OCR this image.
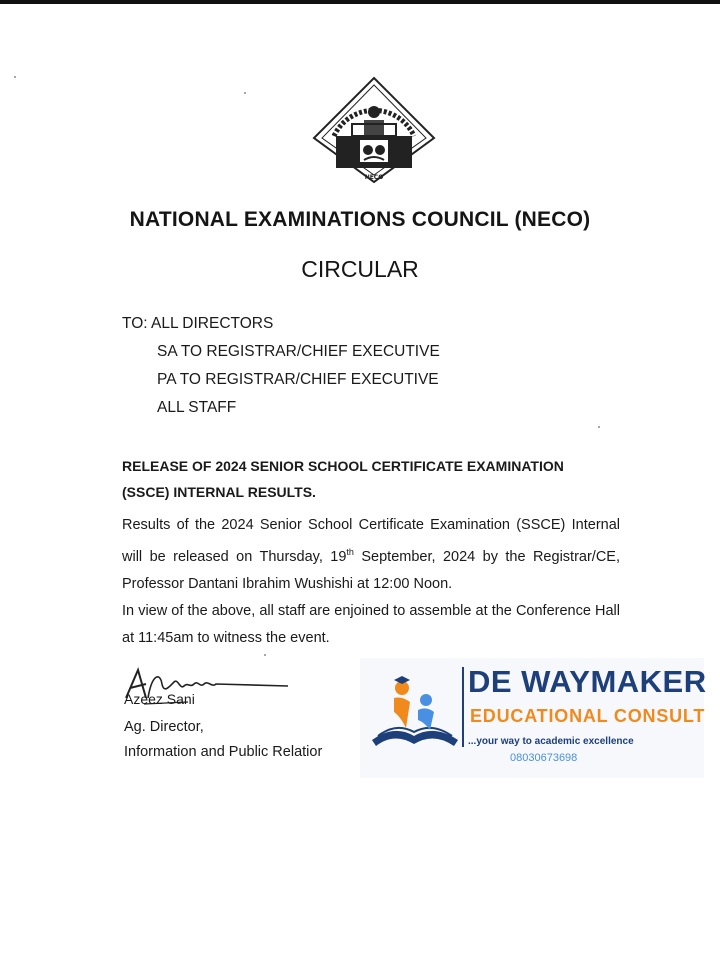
NECO
NATIONAL EXAMINATIONS COUNCIL (NECO)
CIRCULAR
TO: ALL DIRECTORS
SA TO REGISTRAR/CHIEF EXECUTIVE
PA TO REGISTRAR/CHIEF EXECUTIVE
ALL STAFF
RELEASE OF 2024 SENIOR SCHOOL CERTIFICATE EXAMINATION
(SSCE) INTERNAL RESULTS.
Results of the 2024 Senior School Certificate Examination (SSCE) Internal will be released on Thursday, 19th September, 2024 by the Registrar/CE, Professor Dantani Ibrahim Wushishi at 12:00 Noon.
In view of the above, all staff are enjoined to assemble at the Conference Hall at 11:45am to witness the event.
Azeez Sani
Ag. Director,
Information and Public Relatior
DE WAYMAKER
EDUCATIONAL CONSULT
...your way to academic excellence
08030673698
